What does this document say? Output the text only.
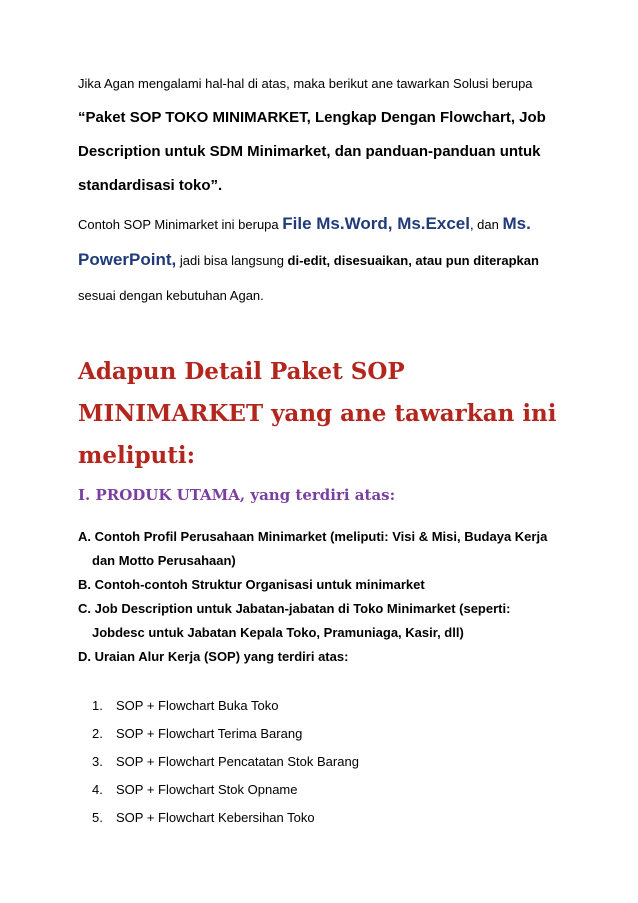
Jika Agan mengalami hal-hal di atas, maka berikut ane tawarkan Solusi berupa
“Paket SOP TOKO MINIMARKET, Lengkap Dengan Flowchart, Job
Description untuk SDM Minimarket, dan panduan-panduan untuk
standardisasi toko”.
Contoh SOP Minimarket ini berupa File Ms.Word, Ms.Excel, dan Ms.
PowerPoint, jadi bisa langsung di-edit, disesuaikan, atau pun diterapkan
sesuai dengan kebutuhan Agan.
Adapun Detail Paket SOP
MINIMARKET yang ane tawarkan ini
meliputi:
I. PRODUK UTAMA, yang terdiri atas:
A. Contoh Profil Perusahaan Minimarket (meliputi: Visi & Misi, Budaya Kerja
dan Motto Perusahaan)
B. Contoh-contoh Struktur Organisasi untuk minimarket
C. Job Description untuk Jabatan-jabatan di Toko Minimarket (seperti:
Jobdesc untuk Jabatan Kepala Toko, Pramuniaga, Kasir, dll)
D. Uraian Alur Kerja (SOP) yang terdiri atas:
1.	SOP + Flowchart Buka Toko
2.	SOP + Flowchart Terima Barang
3.	SOP + Flowchart Pencatatan Stok Barang
4.	SOP + Flowchart Stok Opname
5.	SOP + Flowchart Kebersihan Toko
